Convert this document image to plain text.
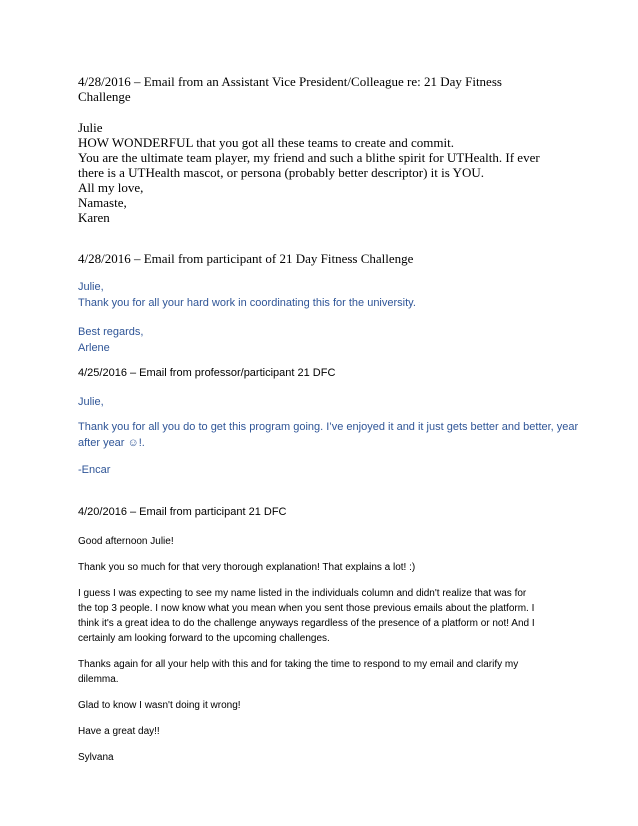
4/28/2016 – Email from an Assistant Vice President/Colleague re: 21 Day Fitness
Challenge
Julie
HOW WONDERFUL that you got all these teams to create and commit.
You are the ultimate team player, my friend and such a blithe spirit for UTHealth. If ever
there is a UTHealth mascot, or persona (probably better descriptor) it is YOU.
All my love,
Namaste,
Karen
4/28/2016 – Email from participant of 21 Day Fitness Challenge
Julie,
Thank you for all your hard work in coordinating this for the university.
Best regards,
Arlene
4/25/2016 – Email from professor/participant 21 DFC
Julie,
Thank you for all you do to get this program going. I’ve enjoyed it and it just gets better and better, year
after year ☺!.
-Encar
4/20/2016 – Email from participant 21 DFC
Good afternoon Julie!
Thank you so much for that very thorough explanation! That explains a lot! :)
I guess I was expecting to see my name listed in the individuals column and didn't realize that was for
the top 3 people. I now know what you mean when you sent those previous emails about the platform. I
think it's a great idea to do the challenge anyways regardless of the presence of a platform or not! And I
certainly am looking forward to the upcoming challenges.
Thanks again for all your help with this and for taking the time to respond to my email and clarify my
dilemma.
Glad to know I wasn't doing it wrong!
Have a great day!!
Sylvana
